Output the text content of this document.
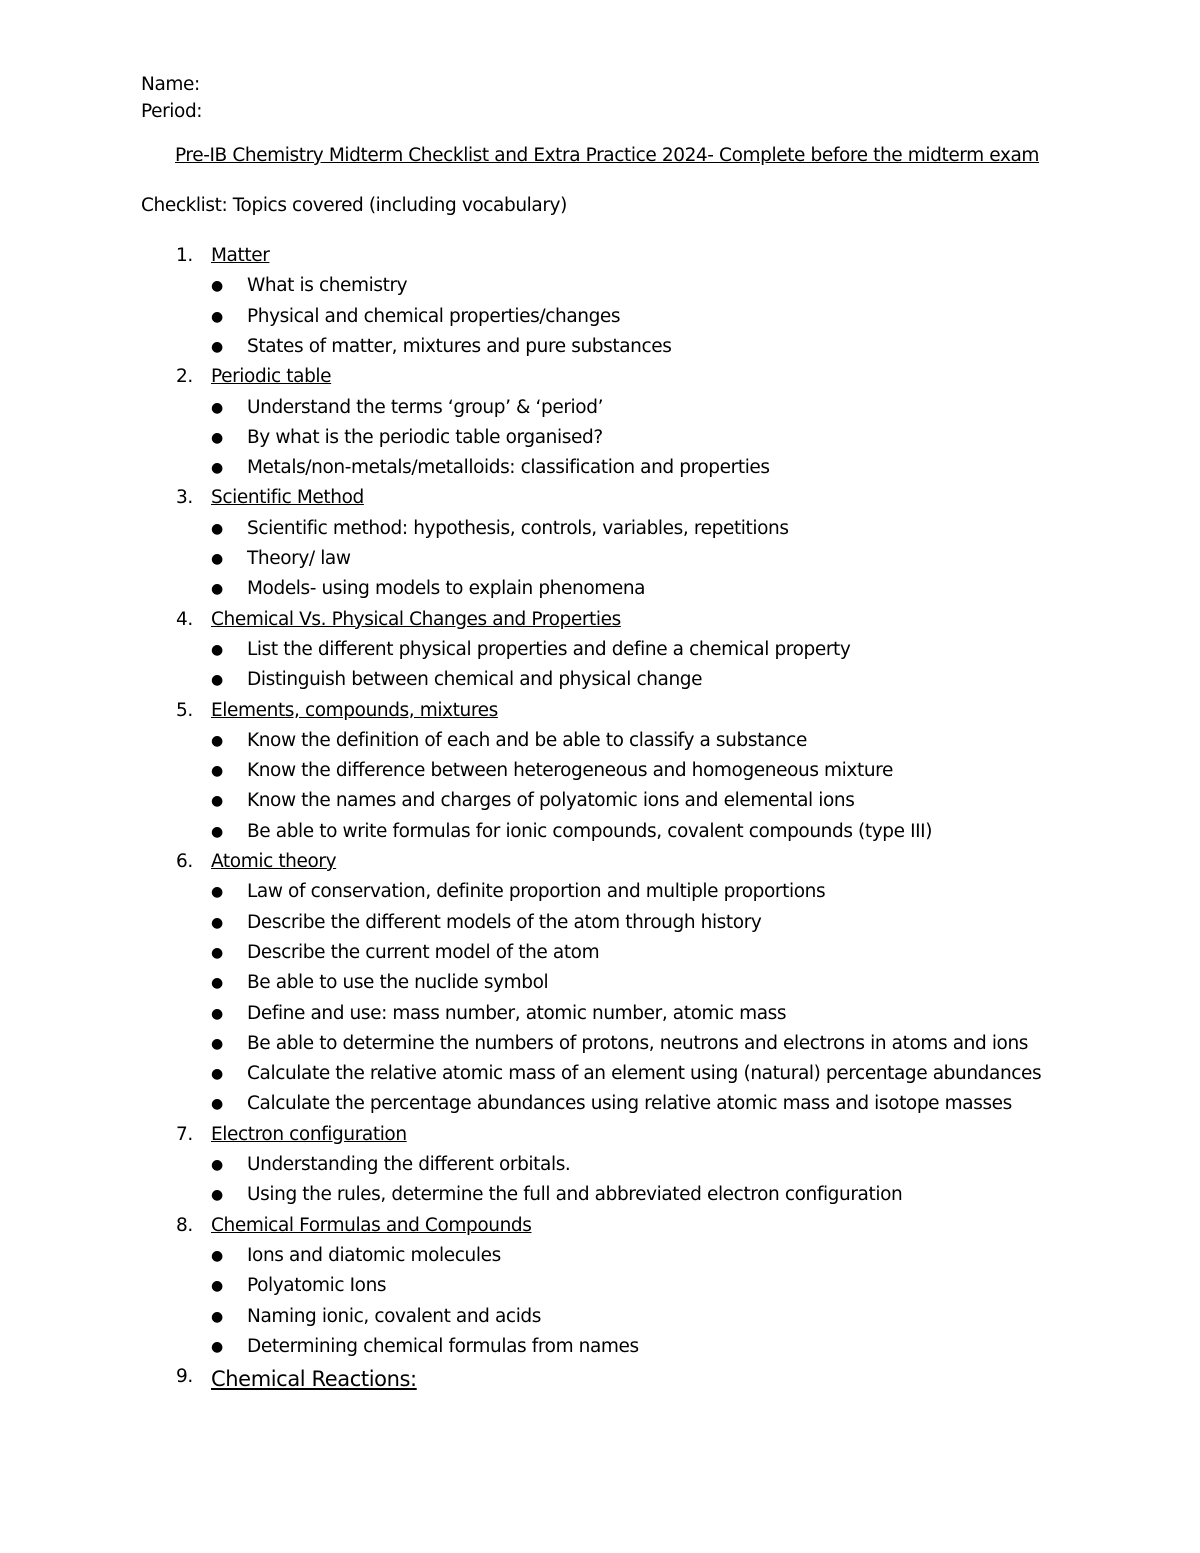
Name:
Period:
Pre-IB Chemistry Midterm Checklist and Extra Practice 2024- Complete before the midterm exam
Checklist: Topics covered (including vocabulary)
1. Matter
● What is chemistry
● Physical and chemical properties/changes
● States of matter, mixtures and pure substances
2. Periodic table
● Understand the terms ‘group’ & ‘period’
● By what is the periodic table organised?
● Metals/non-metals/metalloids: classification and properties
3. Scientific Method
● Scientific method: hypothesis, controls, variables, repetitions
● Theory/ law
● Models- using models to explain phenomena
4. Chemical Vs. Physical Changes and Properties
● List the different physical properties and define a chemical property
● Distinguish between chemical and physical change
5. Elements, compounds, mixtures
● Know the definition of each and be able to classify a substance
● Know the difference between heterogeneous and homogeneous mixture
● Know the names and charges of polyatomic ions and elemental ions
● Be able to write formulas for ionic compounds, covalent compounds (type III)
6. Atomic theory
● Law of conservation, definite proportion and multiple proportions
● Describe the different models of the atom through history
● Describe the current model of the atom
● Be able to use the nuclide symbol
● Define and use: mass number, atomic number, atomic mass
● Be able to determine the numbers of protons, neutrons and electrons in atoms and ions
● Calculate the relative atomic mass of an element using (natural) percentage abundances
● Calculate the percentage abundances using relative atomic mass and isotope masses
7. Electron configuration
● Understanding the different orbitals.
● Using the rules, determine the full and abbreviated electron configuration
8. Chemical Formulas and Compounds
● Ions and diatomic molecules
● Polyatomic Ions
● Naming ionic, covalent and acids
● Determining chemical formulas from names
9. Chemical Reactions:
